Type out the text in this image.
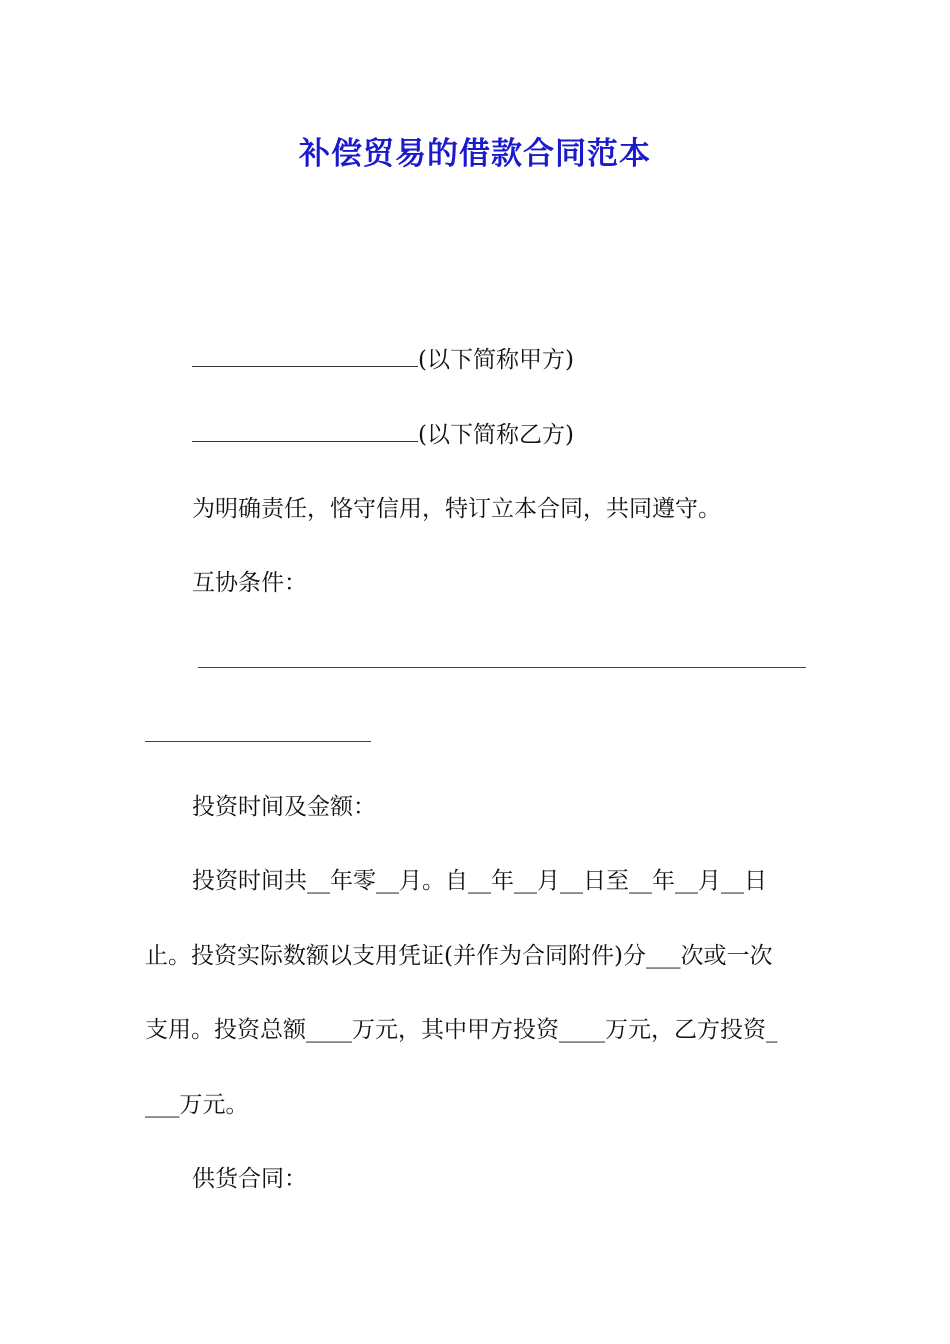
补偿贸易的借款合同范本
(以下简称甲方)
(以下简称乙方)
为明确责任，恪守信用，特订立本合同，共同遵守。
互协条件：
投资时间及金额：
投资时间共__年零__月。自__年__月__日至__年__月__日
止。投资实际数额以支用凭证(并作为合同附件)分___次或一次
支用。投资总额____万元，其中甲方投资____万元，乙方投资_
___万元。
供货合同：
